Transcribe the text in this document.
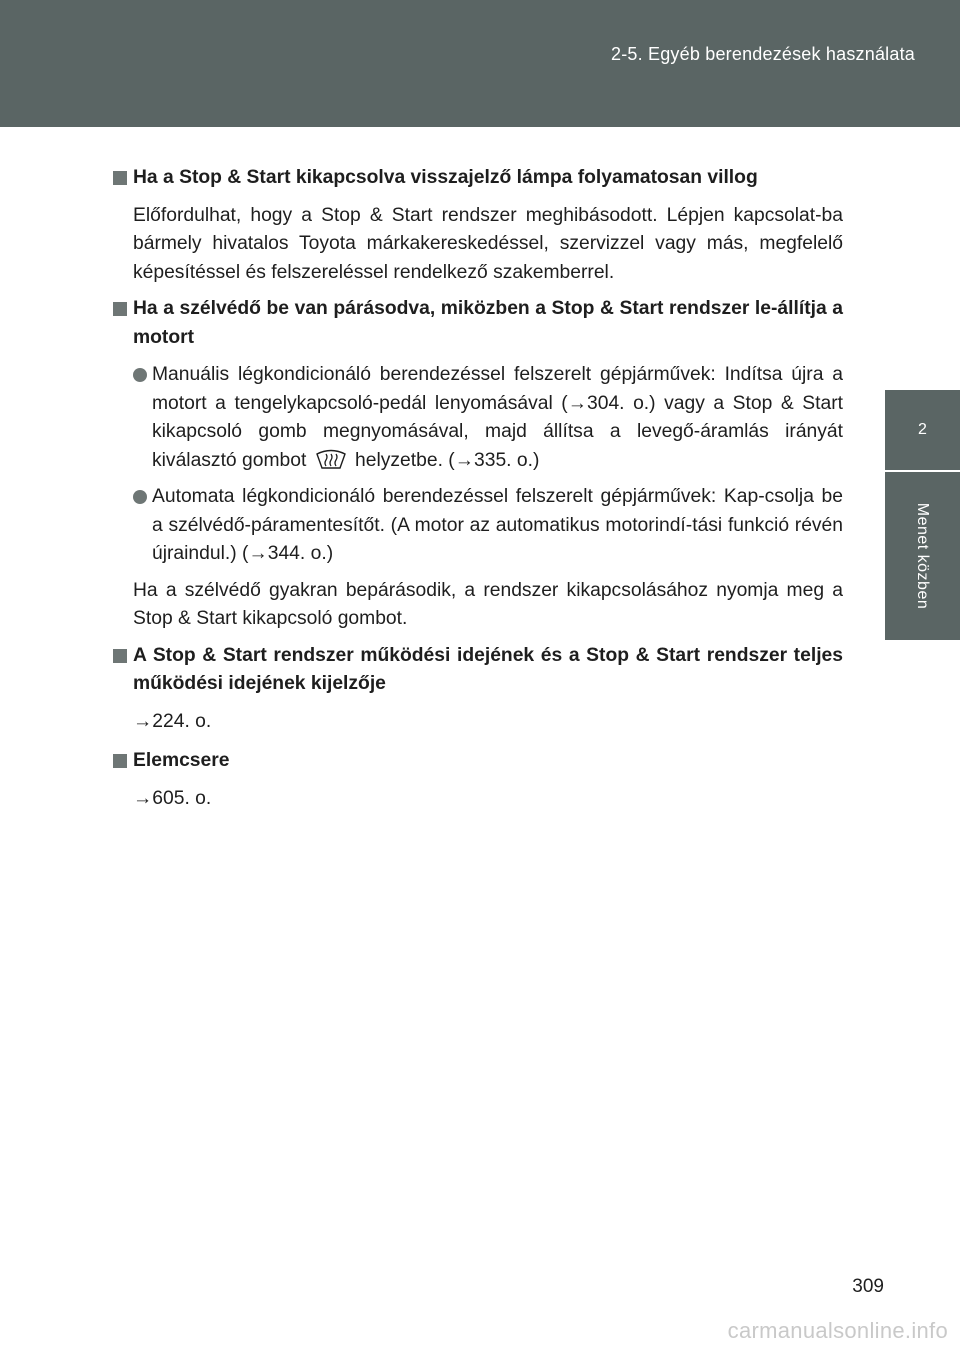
2-5. Egyéb berendezések használata
2
Menet közben
Ha a Stop & Start kikapcsolva visszajelző lámpa folyamatosan villog

Előfordulhat, hogy a Stop & Start rendszer meghibásodott. Lépjen kapcsolat-ba bármely hivatalos Toyota márkakereskedéssel, szervizzel vagy más, megfelelő képesítéssel és felszereléssel rendelkező szakemberrel.

Ha a szélvédő be van párásodva, miközben a Stop & Start rendszer le-állítja a motort
Manuális légkondicionáló berendezéssel felszerelt gépjárművek: Indítsa újra a motort a tengelykapcsoló-pedál lenyomásával (→304. o.) vagy a Stop & Start kikapcsoló gomb megnyomásával, majd állítsa a levegő-áramlás irányát kiválasztó gombot	helyzetbe. (→335. o.)
Automata légkondicionáló berendezéssel felszerelt gépjárművek: Kap-csolja be a szélvédő-páramentesítőt. (A motor az automatikus motorindí-tási funkció révén újraindul.) (→344. o.)

Ha a szélvédő gyakran bepárásodik, a rendszer kikapcsolásához nyomja meg a Stop & Start kikapcsoló gombot.

A Stop & Start rendszer működési idejének és a Stop & Start rendszer teljes működési idejének kijelzője

→224. o.

Elemcsere

→605. o.

309
carmanualsonline.info
